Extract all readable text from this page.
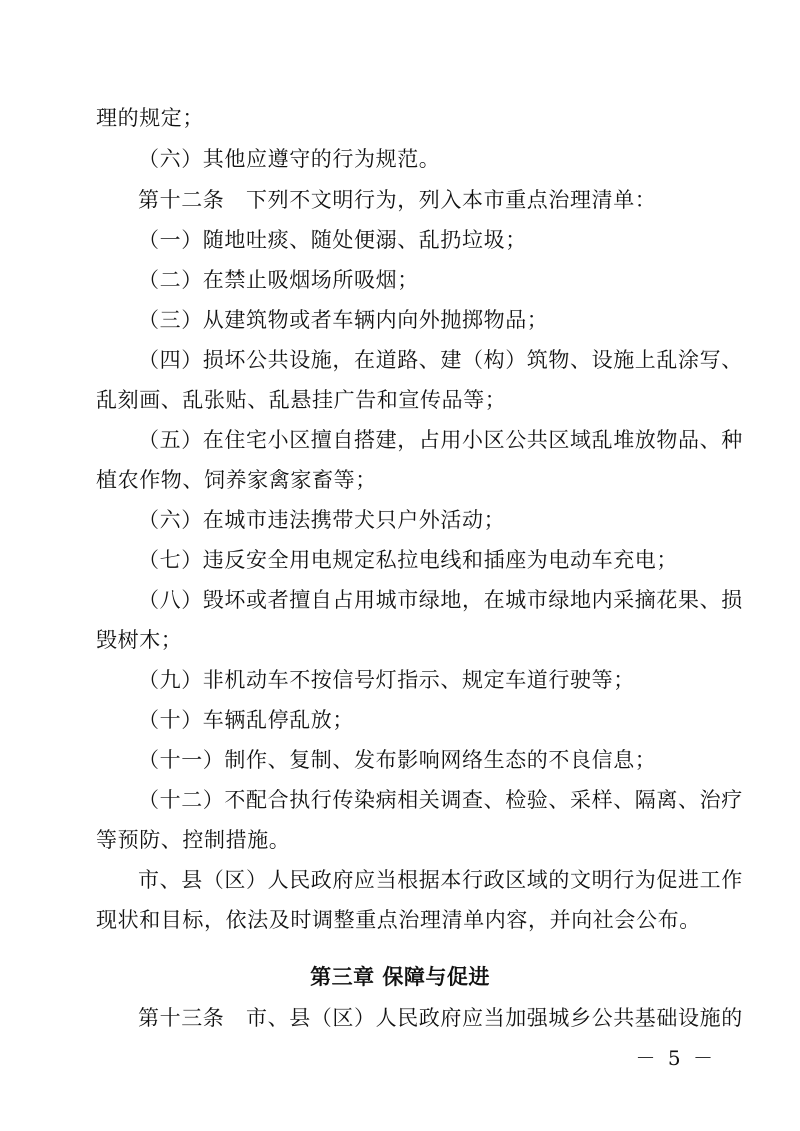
理的规定；
（六）其他应遵守的行为规范。
第十二条　下列不文明行为，列入本市重点治理清单：
（一）随地吐痰、随处便溺、乱扔垃圾；
（二）在禁止吸烟场所吸烟；
（三）从建筑物或者车辆内向外抛掷物品；
（四）损坏公共设施，在道路、建（构）筑物、设施上乱涂写、
乱刻画、乱张贴、乱悬挂广告和宣传品等；
（五）在住宅小区擅自搭建，占用小区公共区域乱堆放物品、种
植农作物、饲养家禽家畜等；
（六）在城市违法携带犬只户外活动；
（七）违反安全用电规定私拉电线和插座为电动车充电；
（八）毁坏或者擅自占用城市绿地，在城市绿地内采摘花果、损
毁树木；
（九）非机动车不按信号灯指示、规定车道行驶等；
（十）车辆乱停乱放；
（十一）制作、复制、发布影响网络生态的不良信息；
（十二）不配合执行传染病相关调查、检验、采样、隔离、治疗
等预防、控制措施。
市、县（区）人民政府应当根据本行政区域的文明行为促进工作
现状和目标，依法及时调整重点治理清单内容，并向社会公布。
第三章 保障与促进
第十三条　市、县（区）人民政府应当加强城乡公共基础设施的
－ 5 －
